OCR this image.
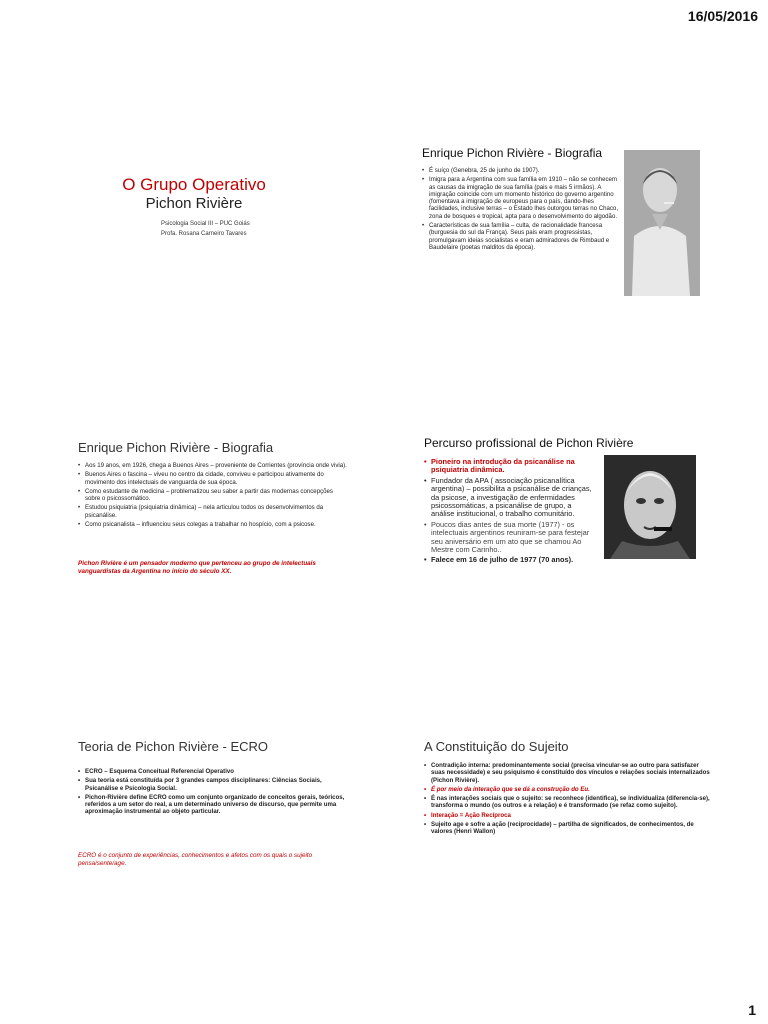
16/05/2016
O Grupo Operativo
Pichon Rivière
Psicologia Social III – PUC Goiás
Profa. Rosana Carneiro Tavares
Enrique Pichon Rivière - Biografia
• É suíço (Genebra, 25 de junho de 1907).
• Imigra para a Argentina com sua família em 1910 – não se conhecem as causas da imigração de sua família (pais e mais 5 irmãos). A imigração coincide com um momento histórico do governo argentino (fomentava a imigração de europeus para o país, dando-lhes facilidades, inclusive terras – o Estado lhes outorgou terras no Chaco, zona de bosques e tropical, apta para o desenvolvimento do algodão.
• Características de sua família – culta, de racionalidade francesa (burguesia do sul da França). Seus pais eram progressistas, promulgavam ideias socialistas e eram admiradores de Rimbaud e Baudelaire (poetas malditos da época).
Enrique Pichon Rivière - Biografia
• Aos 19 anos, em 1926, chega a Buenos Aires – proveniente de Corrientes (província onde vivia).
• Buenos Aires o fascina – viveu no centro da cidade, conviveu e participou ativamente do movimento dos intelectuais de vanguarda de sua época.
• Como estudante de medicina – problematizou seu saber a partir das modernas concepções sobre o psicossomático.
• Estudou psiquiatria (psiquiatria dinâmica) – nela articulou todos os desenvolvimentos da psicanálise.
• Como psicanalista – influenciou seus colegas a trabalhar no hospício, com a psicose.
Pichon Rivière é um pensador moderno que pertenceu ao grupo de intelectuais vanguardistas da Argentina no início do século XX.
Percurso profissional de Pichon Rivière
• Pioneiro na introdução da psicanálise na psiquiatria dinâmica.
• Fundador da APA ( associação psicanalítica argentina) – possibilita a psicanálise de crianças, da psicose, a investigação de enfermidades psicossomáticas, a psicanálise de grupo, a análise institucional, o trabalho comunitário.
• Poucos dias antes de sua morte (1977) - os intelectuais argentinos reuniram-se para festejar seu aniversário em um ato que se chamou Ao Mestre com Carinho..
• Falece em 16 de julho de 1977 (70 anos).
Teoria de Pichon Rivière - ECRO
• ECRO – Esquema Conceitual Referencial Operativo
• Sua teoria está constituída por 3 grandes campos disciplinares: Ciências Sociais, Psicanálise e Psicologia Social.
• Pichon-Rivière define ECRO como um conjunto organizado de conceitos gerais, teóricos, referidos a um setor do real, a um determinado universo de discurso, que permite uma aproximação instrumental ao objeto particular.
ECRO é o conjunto de experiências, conhecimentos e afetos com os quais o sujeito pensa/sente/age.
A Constituição do Sujeito
• Contradição interna: predominantemente social (precisa vincular-se ao outro para satisfazer suas necessidade) e seu psiquismo é constituído dos vínculos e relações sociais internalizados (Pichon Rivière).
• É por meio da interação que se dá a construção do Eu.
• É nas interações sociais que o sujeito: se reconhece (identifica), se individualiza (diferencia-se), transforma o mundo (os outros e a relação) e é transformado (se refaz como sujeito).
• Interação = Ação Recíproca
• Sujeito age e sofre a ação (reciprocidade) – partilha de significados, de conhecimentos, de valores (Henri Wallon)
1
